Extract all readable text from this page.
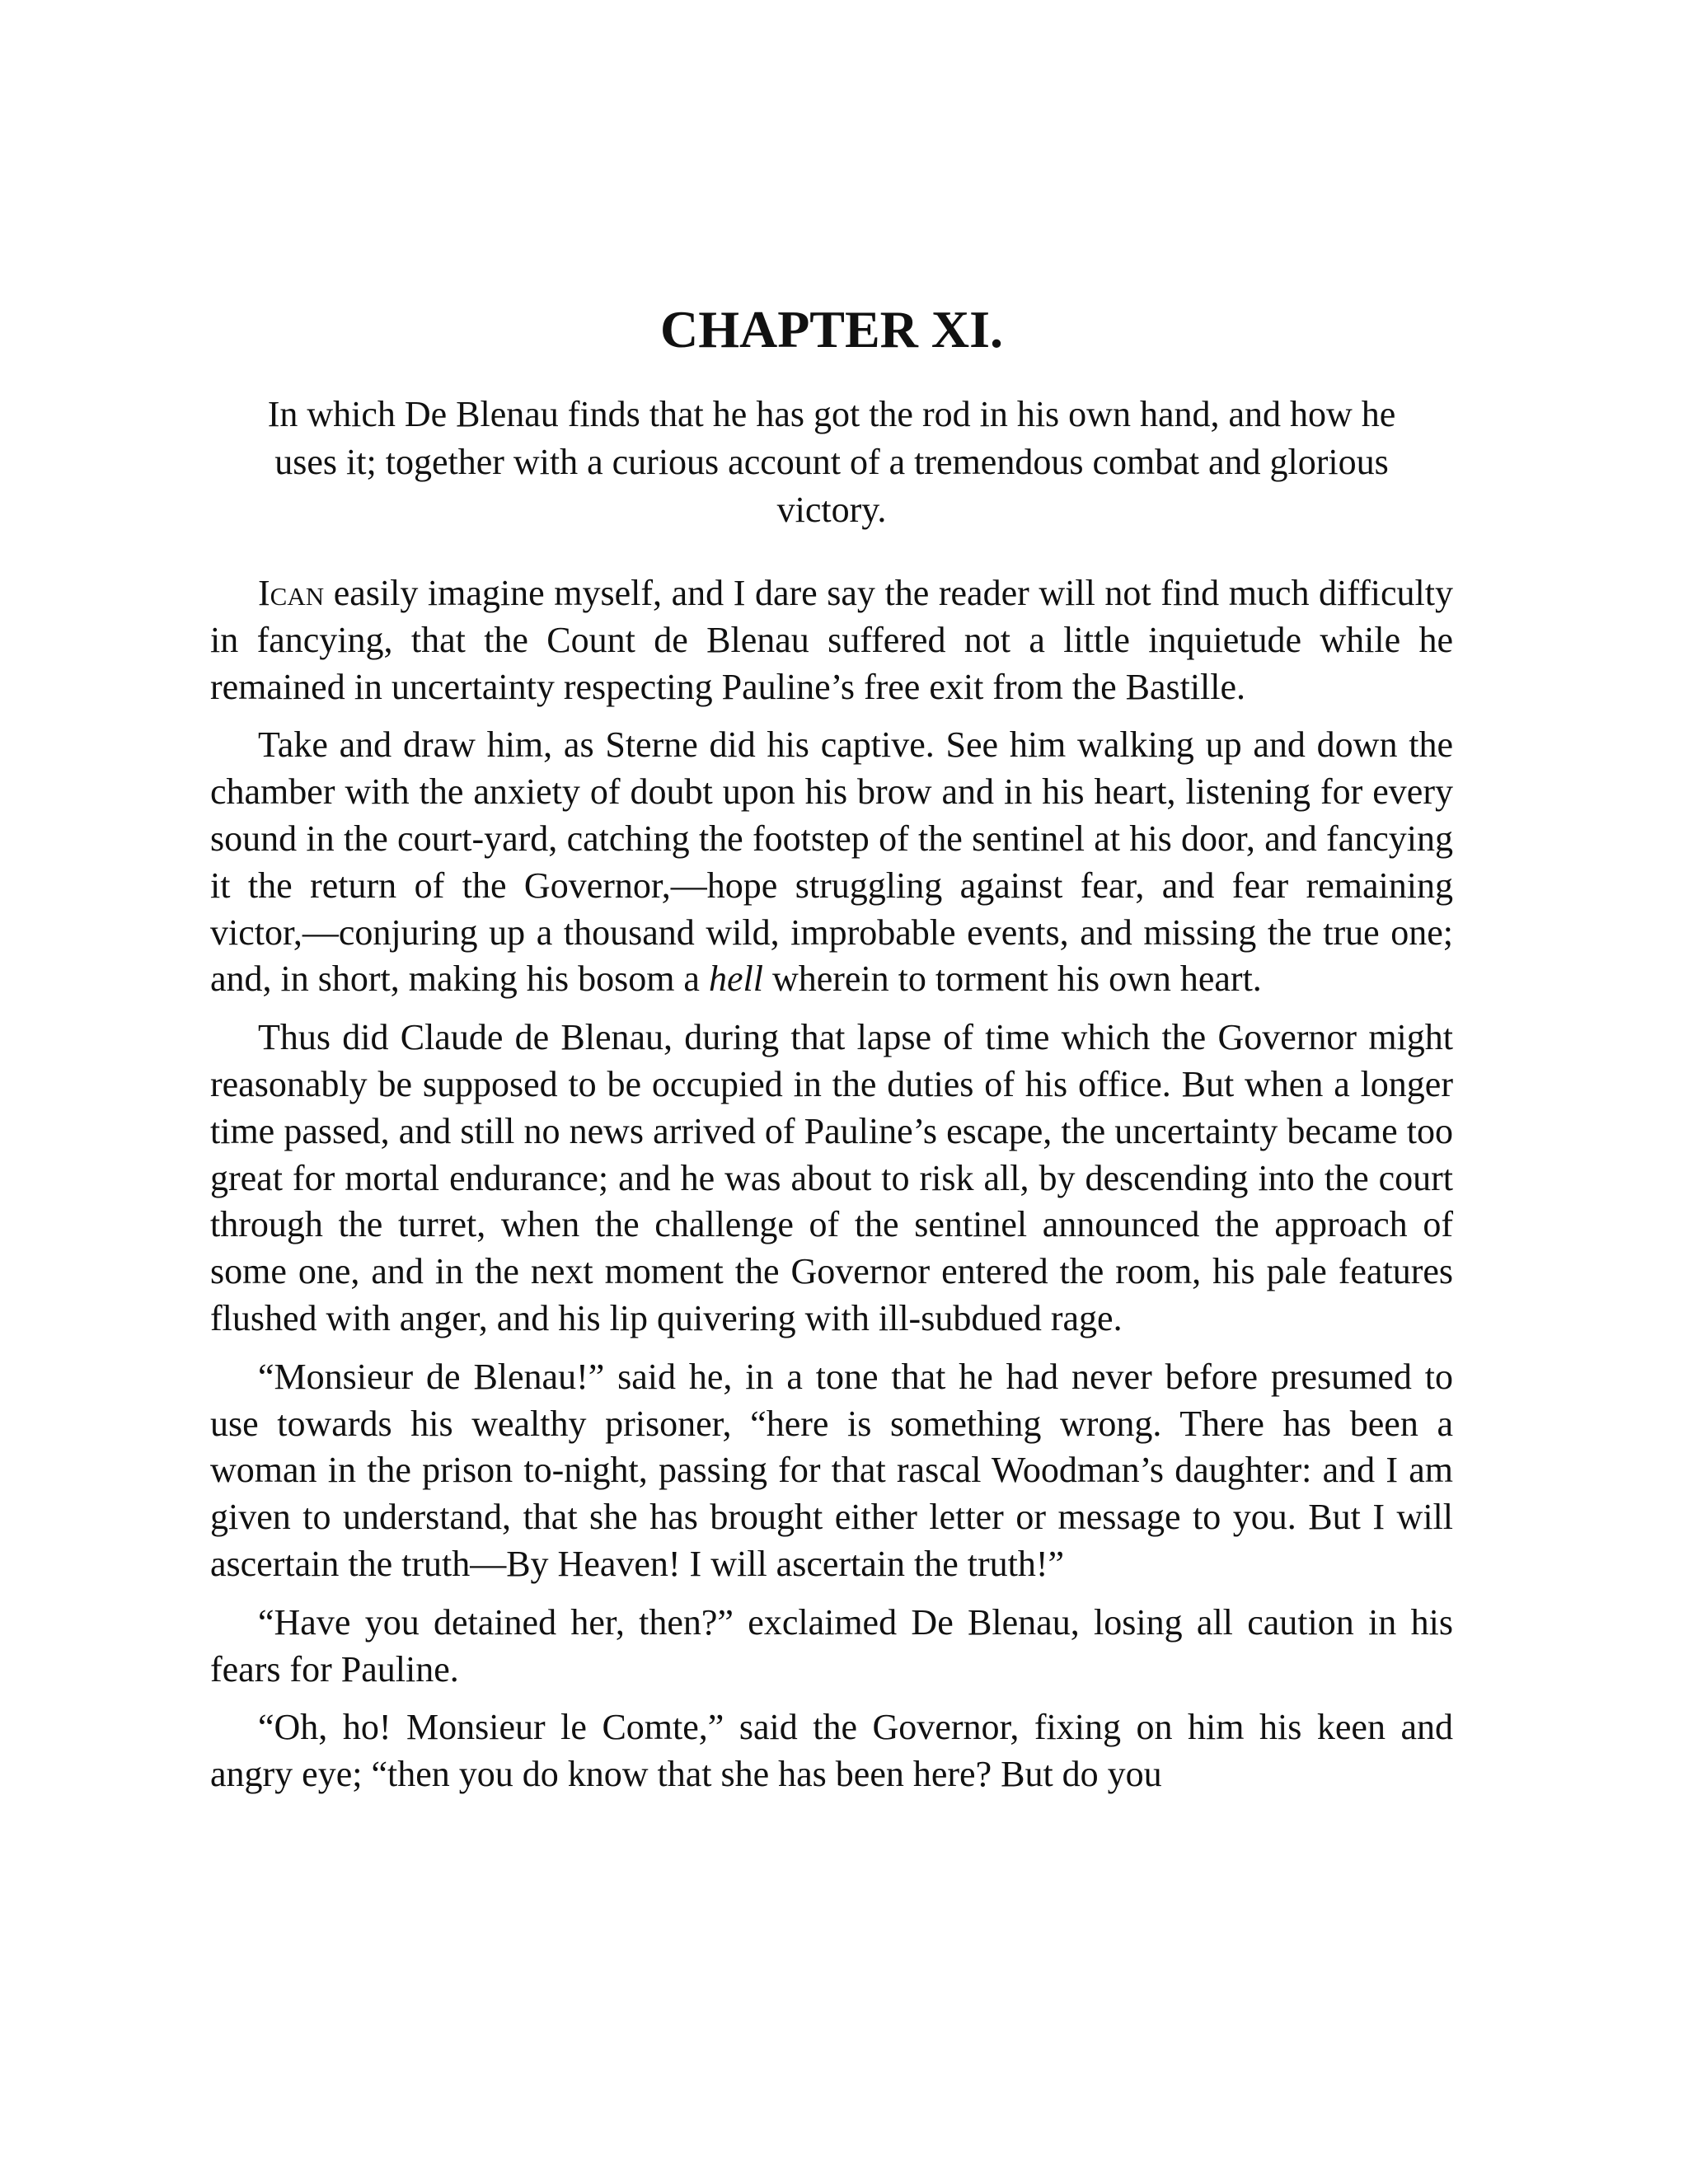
CHAPTER XI.

In which De Blenau finds that he has got the rod in his own hand, and how he uses it; together with a curious account of a tremendous combat and glorious victory.

Ican easily imagine myself, and I dare say the reader will not find much difficulty in fancying, that the Count de Blenau suffered not a little inquietude while he remained in uncertainty respecting Pauline’s free exit from the Bastille.

Take and draw him, as Sterne did his captive. See him walking up and down the chamber with the anxiety of doubt upon his brow and in his heart, listening for every sound in the court-yard, catching the footstep of the sentinel at his door, and fancying it the return of the Governor,—hope struggling against fear, and fear remaining victor,—conjuring up a thousand wild, improbable events, and missing the true one; and, in short, making his bosom a hell wherein to torment his own heart.

Thus did Claude de Blenau, during that lapse of time which the Governor might reasonably be supposed to be occupied in the duties of his office. But when a longer time passed, and still no news arrived of Pauline’s escape, the uncertainty became too great for mortal endurance; and he was about to risk all, by descending into the court through the turret, when the challenge of the sentinel announced the approach of some one, and in the next moment the Governor entered the room, his pale features flushed with anger, and his lip quivering with ill-subdued rage.

“Monsieur de Blenau!” said he, in a tone that he had never before presumed to use towards his wealthy prisoner, “here is something wrong. There has been a woman in the prison to-night, passing for that rascal Woodman’s daughter: and I am given to understand, that she has brought either letter or message to you. But I will ascertain the truth—By Heaven! I will ascertain the truth!”

“Have you detained her, then?” exclaimed De Blenau, losing all caution in his fears for Pauline.

“Oh, ho! Monsieur le Comte,” said the Governor, fixing on him his keen and angry eye; “then you do know that she has been here? But do you
